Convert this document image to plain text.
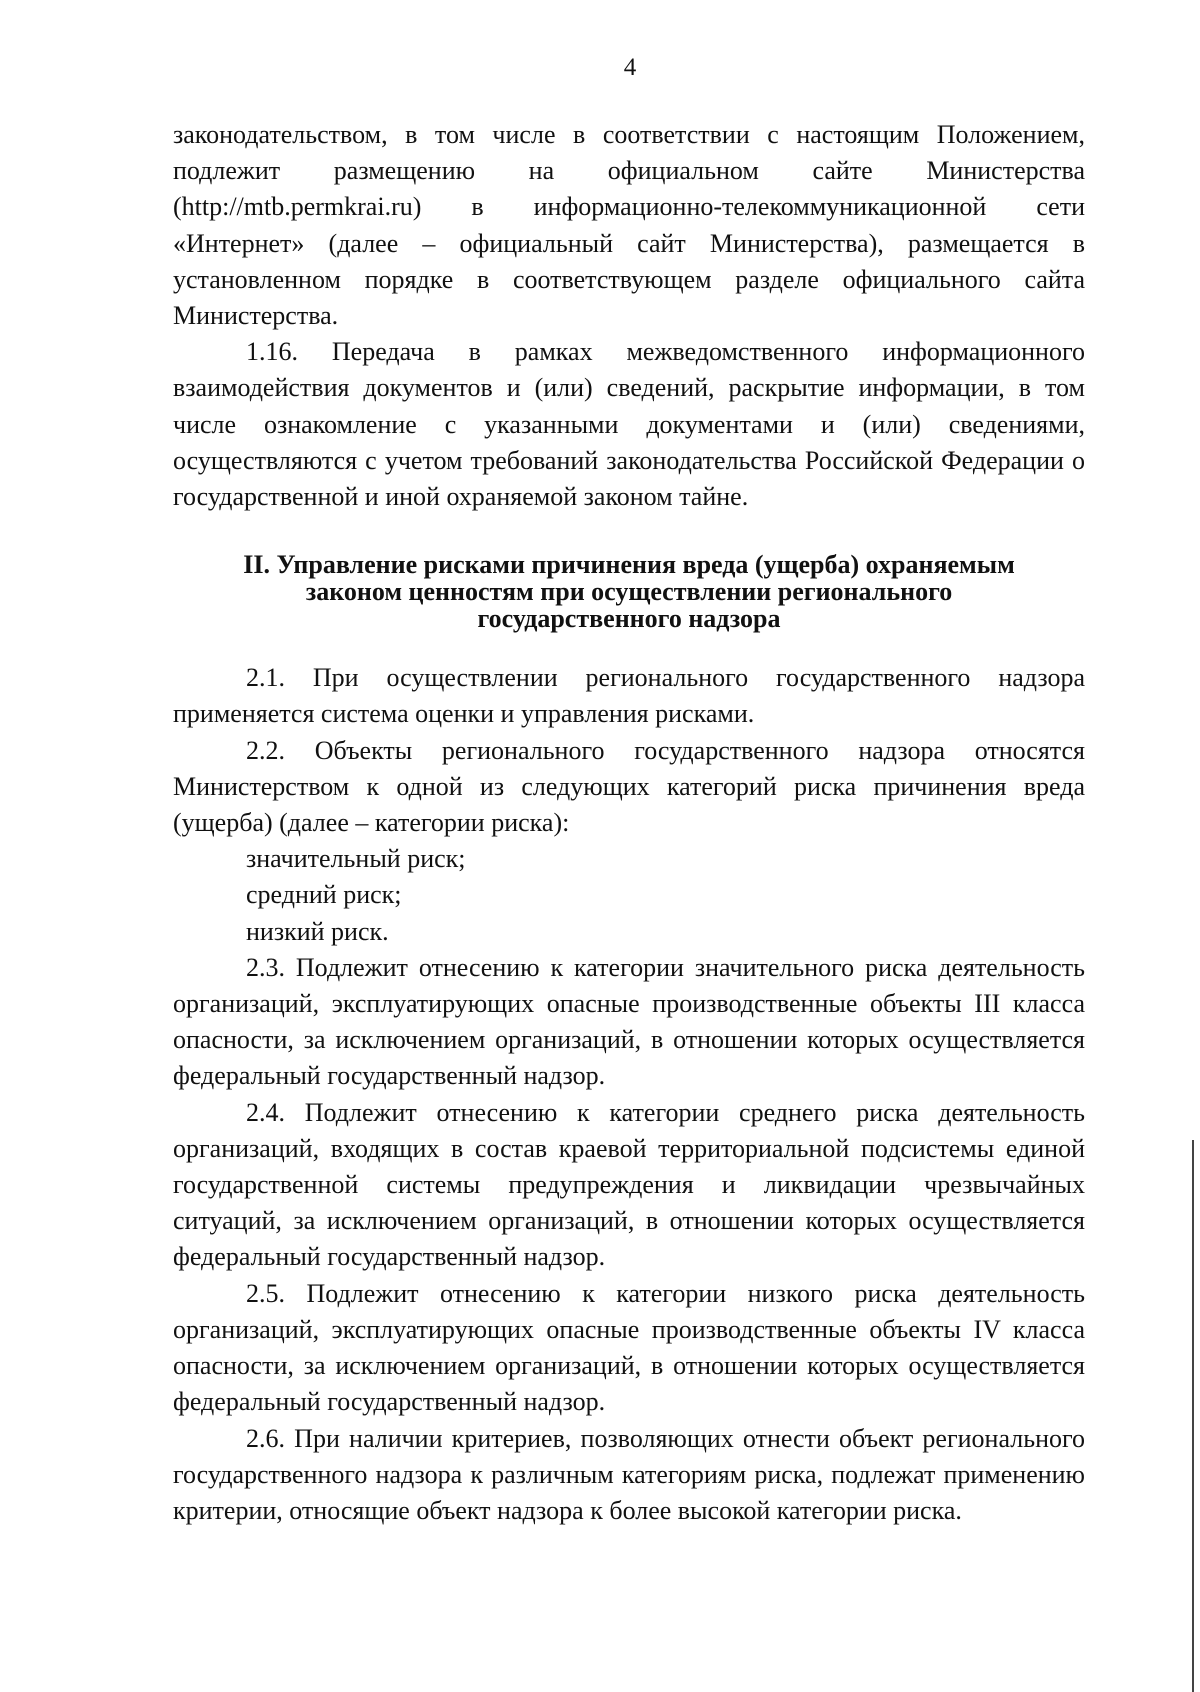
4

законодательством, в том числе в соответствии с настоящим Положением, подлежит размещению на официальном сайте Министерства (http://mtb.permkrai.ru) в информационно-телекоммуникационной сети «Интернет» (далее – официальный сайт Министерства), размещается в установленном порядке в соответствующем разделе официального сайта Министерства.

1.16. Передача в рамках межведомственного информационного взаимодействия документов и (или) сведений, раскрытие информации, в том числе ознакомление с указанными документами и (или) сведениями, осуществляются с учетом требований законодательства Российской Федерации о государственной и иной охраняемой законом тайне.

II. Управление рисками причинения вреда (ущерба) охраняемым
законом ценностям при осуществлении регионального
государственного надзора

2.1. При осуществлении регионального государственного надзора применяется система оценки и управления рисками.

2.2. Объекты регионального государственного надзора относятся Министерством к одной из следующих категорий риска причинения вреда (ущерба) (далее – категории риска):

значительный риск;

средний риск;

низкий риск.

2.3. Подлежит отнесению к категории значительного риска деятельность организаций, эксплуатирующих опасные производственные объекты III класса опасности, за исключением организаций, в отношении которых осуществляется федеральный государственный надзор.

2.4. Подлежит отнесению к категории среднего риска деятельность организаций, входящих в состав краевой территориальной подсистемы единой государственной системы предупреждения и ликвидации чрезвычайных ситуаций, за исключением организаций, в отношении которых осуществляется федеральный государственный надзор.

2.5. Подлежит отнесению к категории низкого риска деятельность организаций, эксплуатирующих опасные производственные объекты IV класса опасности, за исключением организаций, в отношении которых осуществляется федеральный государственный надзор.

2.6. При наличии критериев, позволяющих отнести объект регионального государственного надзора к различным категориям риска, подлежат применению критерии, относящие объект надзора к более высокой категории риска.
